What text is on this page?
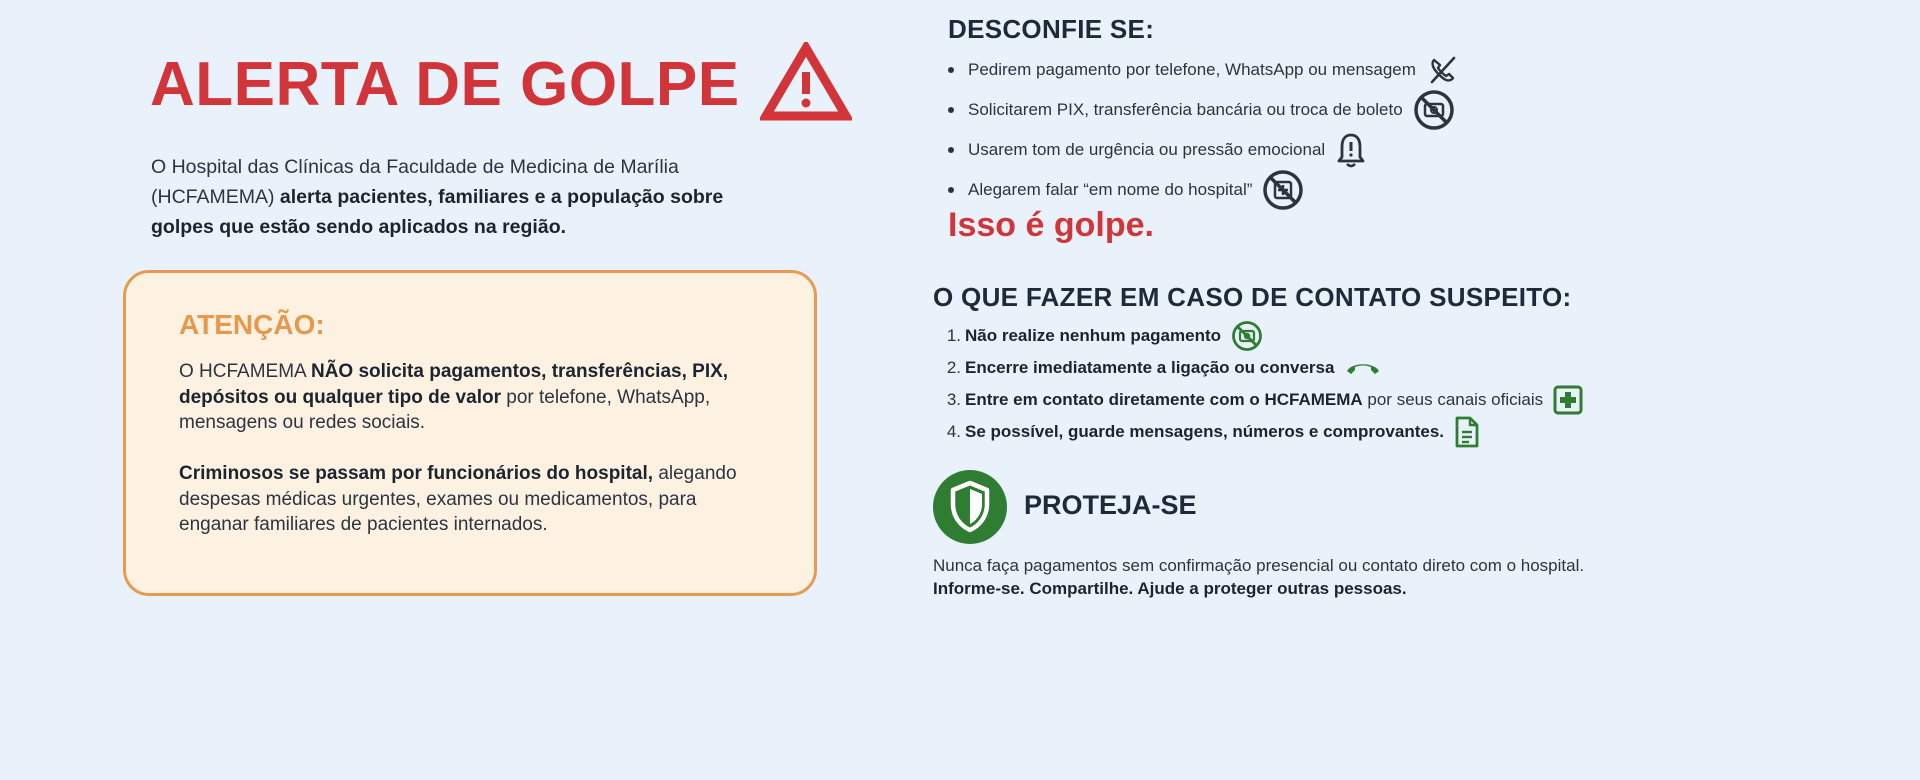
ALERTA DE GOLPE

O Hospital das Clínicas da Faculdade de Medicina de Marília (HCFAMEMA) alerta pacientes, familiares e a população sobre golpes que estão sendo aplicados na região.

ATENÇÃO:

O HCFAMEMA NÃO solicita pagamentos, transferências, PIX, depósitos ou qualquer tipo de valor por telefone, WhatsApp, mensagens ou redes sociais.

Criminosos se passam por funcionários do hospital, alegando despesas médicas urgentes, exames ou medicamentos, para enganar familiares de pacientes internados.

DESCONFIE SE:
Pedirem pagamento por telefone, WhatsApp ou mensagem
Solicitarem PIX, transferência bancária ou troca de boleto
Usarem tom de urgência ou pressão emocional
Alegarem falar “em nome do hospital”

Isso é golpe.

O QUE FAZER EM CASO DE CONTATO SUSPEITO:
1. Não realize nenhum pagamento
2. Encerre imediatamente a ligação ou conversa
3. Entre em contato diretamente com o HCFAMEMA por seus canais oficiais
4. Se possível, guarde mensagens, números e comprovantes.
PROTEJA-SE

Nunca faça pagamentos sem confirmação presencial ou contato direto com o hospital.
Informe-se. Compartilhe. Ajude a proteger outras pessoas.
